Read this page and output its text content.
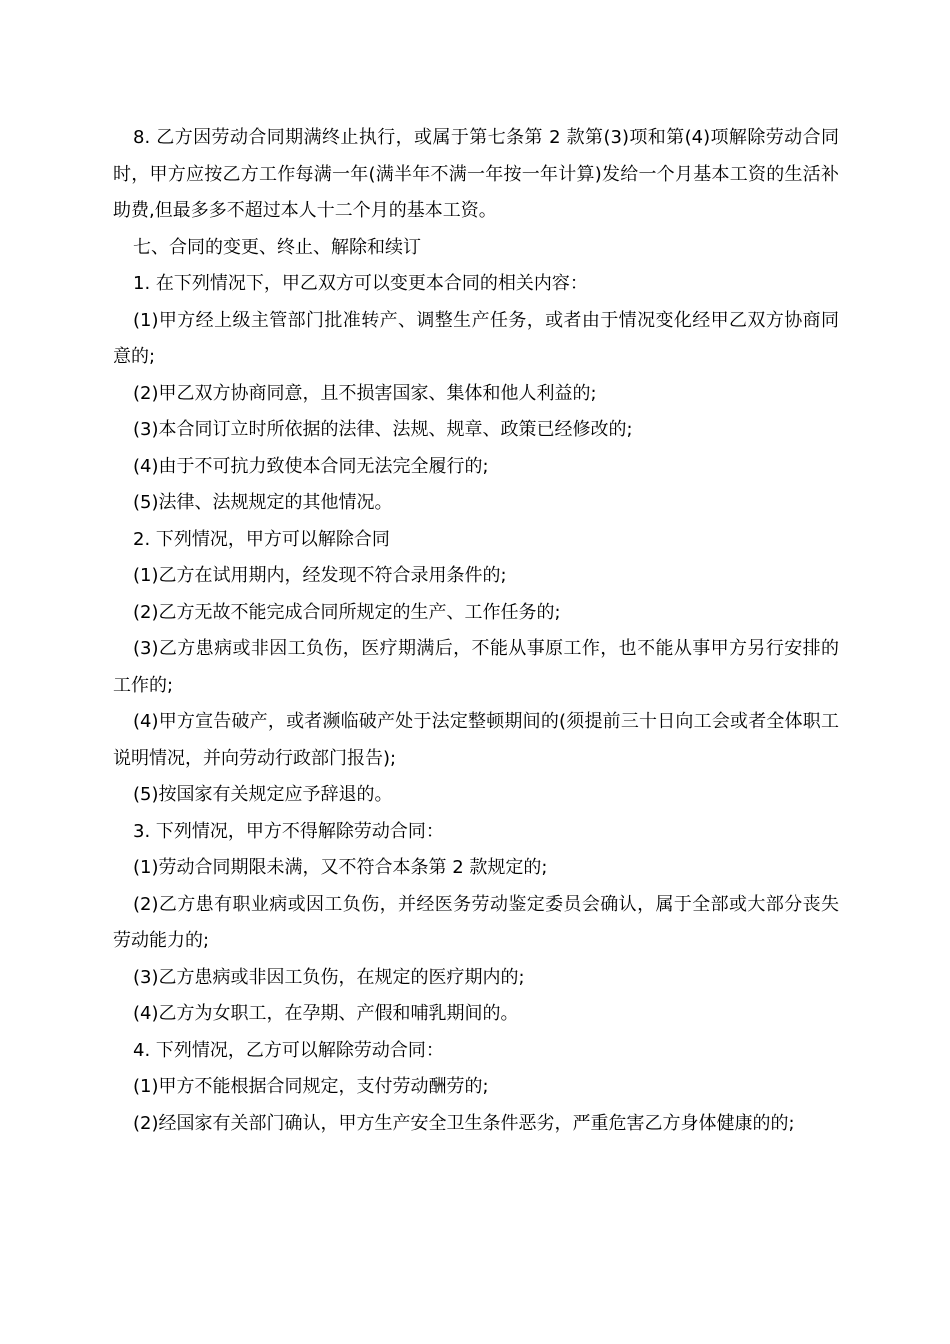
8. 乙方因劳动合同期满终止执行，或属于第七条第 2 款第(3)项和第(4)项解除劳动合同时，甲方应按乙方工作每满一年(满半年不满一年按一年计算)发给一个月基本工资的生活补助费,但最多多不超过本人十二个月的基本工资。

七、合同的变更、终止、解除和续订

1. 在下列情况下，甲乙双方可以变更本合同的相关内容：

(1)甲方经上级主管部门批准转产、调整生产任务，或者由于情况变化经甲乙双方协商同意的;

(2)甲乙双方协商同意，且不损害国家、集体和他人利益的;

(3)本合同订立时所依据的法律、法规、规章、政策已经修改的;

(4)由于不可抗力致使本合同无法完全履行的;

(5)法律、法规规定的其他情况。

2. 下列情况，甲方可以解除合同

(1)乙方在试用期内，经发现不符合录用条件的;

(2)乙方无故不能完成合同所规定的生产、工作任务的;

(3)乙方患病或非因工负伤，医疗期满后，不能从事原工作，也不能从事甲方另行安排的工作的;

(4)甲方宣告破产，或者濒临破产处于法定整顿期间的(须提前三十日向工会或者全体职工说明情况，并向劳动行政部门报告);

(5)按国家有关规定应予辞退的。

3. 下列情况，甲方不得解除劳动合同：

(1)劳动合同期限未满，又不符合本条第 2 款规定的;

(2)乙方患有职业病或因工负伤，并经医务劳动鉴定委员会确认，属于全部或大部分丧失劳动能力的;

(3)乙方患病或非因工负伤，在规定的医疗期内的;

(4)乙方为女职工，在孕期、产假和哺乳期间的。

4. 下列情况，乙方可以解除劳动合同：

(1)甲方不能根据合同规定，支付劳动酬劳的;

(2)经国家有关部门确认，甲方生产安全卫生条件恶劣，严重危害乙方身体健康的的;
